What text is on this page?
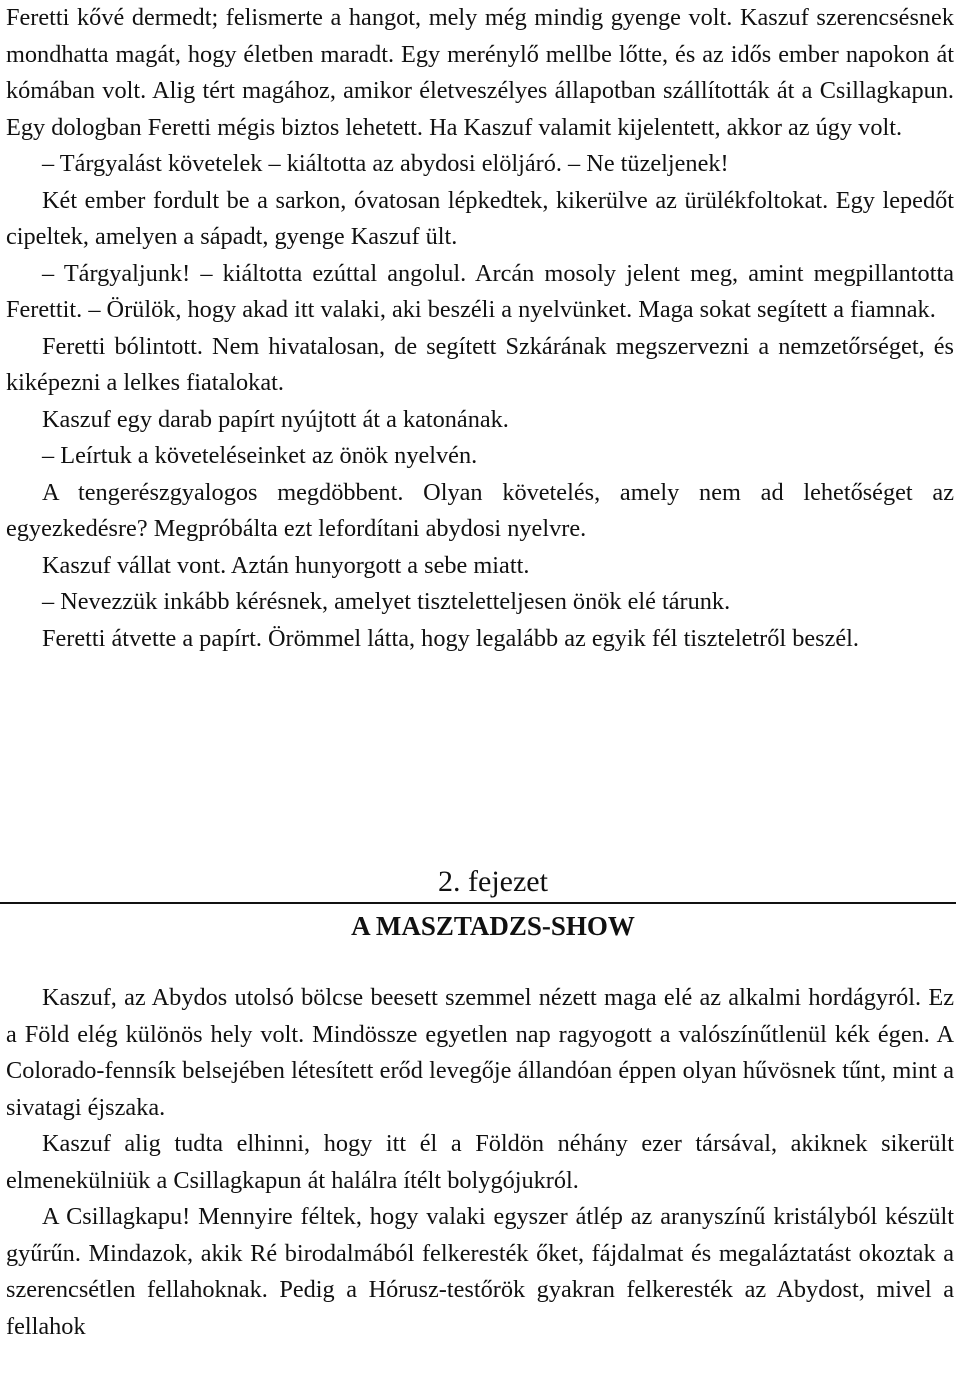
Feretti kővé dermedt; felismerte a hangot, mely még mindig gyenge volt. Kaszuf szerencsésnek mondhatta magát, hogy életben maradt. Egy merénylő mellbe lőtte, és az idős ember napokon át kómában volt. Alig tért magához, amikor életveszélyes állapotban szállították át a Csillagkapun. Egy dologban Feretti mégis biztos lehetett. Ha Kaszuf valamit kijelentett, akkor az úgy volt.

– Tárgyalást követelek – kiáltotta az abydosi elöljáró. – Ne tüzeljenek!

Két ember fordult be a sarkon, óvatosan lépkedtek, kikerülve az ürülékfoltokat. Egy lepedőt cipeltek, amelyen a sápadt, gyenge Kaszuf ült.

– Tárgyaljunk! – kiáltotta ezúttal angolul. Arcán mosoly jelent meg, amint megpillantotta Ferettit. – Örülök, hogy akad itt valaki, aki beszéli a nyelvünket. Maga sokat segített a fiamnak.

Feretti bólintott. Nem hivatalosan, de segített Szkárának megszervezni a nemzetőrséget, és kiképezni a lelkes fiatalokat.

Kaszuf egy darab papírt nyújtott át a katonának.

– Leírtuk a követeléseinket az önök nyelvén.

A tengerészgyalogos megdöbbent. Olyan követelés, amely nem ad lehetőséget az egyezkedésre? Megpróbálta ezt lefordítani abydosi nyelvre.

Kaszuf vállat vont. Aztán hunyorgott a sebe miatt.

– Nevezzük inkább kérésnek, amelyet tiszteletteljesen önök elé tárunk.

Feretti átvette a papírt. Örömmel látta, hogy legalább az egyik fél tiszteletről beszél.

2. fejezet
A MASZTADZS-SHOW

Kaszuf, az Abydos utolsó bölcse beesett szemmel nézett maga elé az alkalmi hordágyról. Ez a Föld elég különös hely volt. Mindössze egyetlen nap ragyogott a valószínűtlenül kék égen. A Colorado-fennsík belsejében létesített erőd levegője állandóan éppen olyan hűvösnek tűnt, mint a sivatagi éjszaka.

Kaszuf alig tudta elhinni, hogy itt él a Földön néhány ezer társával, akiknek sikerült elmenekülniük a Csillagkapun át halálra ítélt bolygójukról.

A Csillagkapu! Mennyire féltek, hogy valaki egyszer átlép az aranyszínű kristályból készült gyűrűn. Mindazok, akik Ré birodalmából felkeresték őket, fájdalmat és megaláztatást okoztak a szerencsétlen fellahoknak. Pedig a Hórusz-testőrök gyakran felkeresték az Abydost, mivel a fellahok
